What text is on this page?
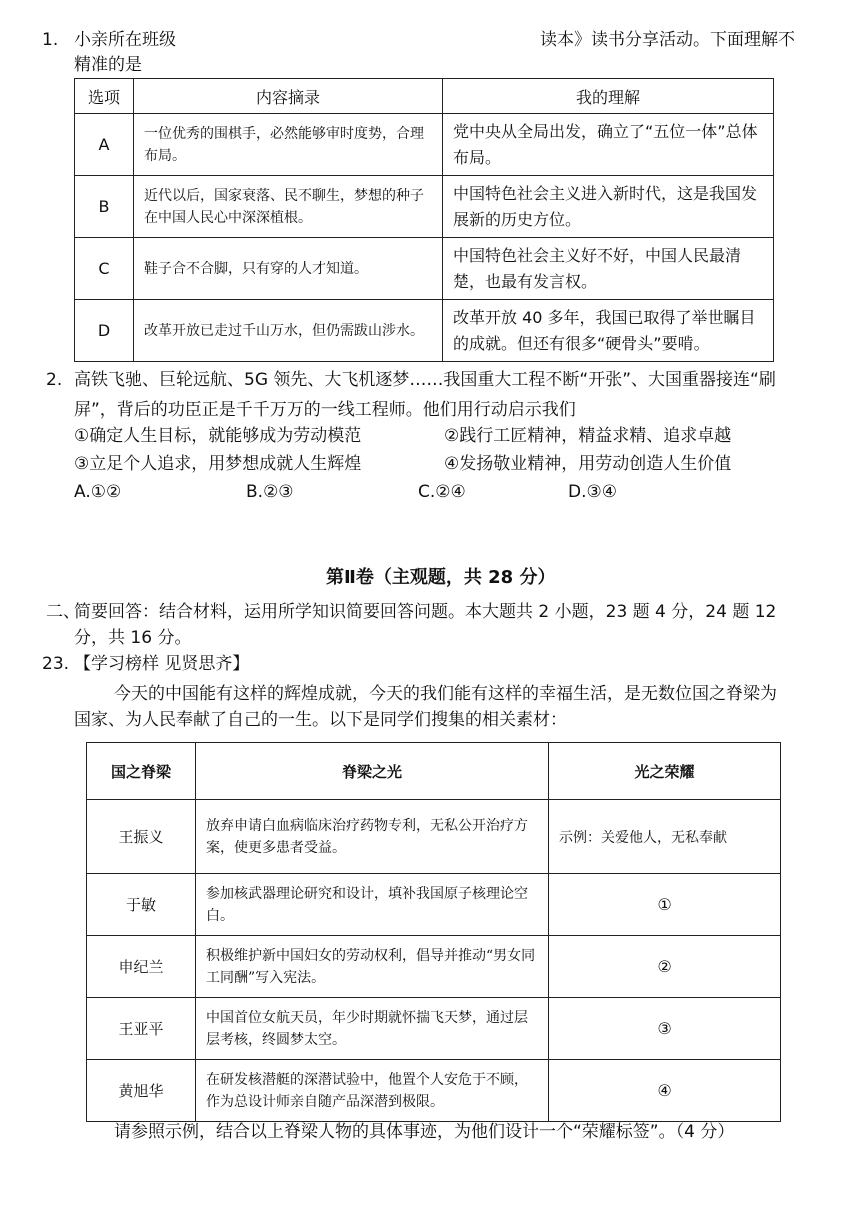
1. 小亲所在班级	读本》读书分享活动。下面理解不
精准的是
选项	内容摘录	我的理解
A	一位优秀的围棋手，必然能够审时度势，合理布局。	党中央从全局出发，确立了“五位一体”总体布局。
B	近代以后，国家衰落、民不聊生，梦想的种子在中国人民心中深深植根。	中国特色社会主义进入新时代，这是我国发展新的历史方位。
C	鞋子合不合脚，只有穿的人才知道。	中国特色社会主义好不好，中国人民最清楚，也最有发言权。
D	改革开放已走过千山万水，但仍需跋山涉水。	改革开放 40 多年，我国已取得了举世瞩目的成就。但还有很多“硬骨头”要啃。
2. 高铁飞驰、巨轮远航、5G 领先、大飞机逐梦……我国重大工程不断“开张”、大国重器接连“刷
屏”，背后的功臣正是千千万万的一线工程师。他们用行动启示我们
①确定人生目标，就能够成为劳动模范	②践行工匠精神，精益求精、追求卓越
③立足个人追求，用梦想成就人生辉煌	④发扬敬业精神，用劳动创造人生价值
A.①②	B.②③	C.②④	D.③④
第Ⅱ卷（主观题，共 28 分）
二、
简要回答：结合材料，运用所学知识简要回答问题。本大题共 2 小题，23 题 4 分，24 题 12
分，共 16 分。
23. 【学习榜样 见贤思齐】
今天的中国能有这样的辉煌成就，今天的我们能有这样的幸福生活，是无数位国之脊梁为
国家、为人民奉献了自己的一生。以下是同学们搜集的相关素材：
国之脊梁	脊梁之光	光之荣耀
王振义	放弃申请白血病临床治疗药物专利，无私公开治疗方案，使更多患者受益。	示例：关爱他人，无私奉献
于敏	参加核武器理论研究和设计，填补我国原子核理论空白。	①
申纪兰	积极维护新中国妇女的劳动权利，倡导并推动“男女同工同酬”写入宪法。	②
王亚平	中国首位女航天员，年少时期就怀揣飞天梦，通过层层考核，终圆梦太空。	③
黄旭华	在研发核潜艇的深潜试验中，他置个人安危于不顾，作为总设计师亲自随产品深潜到极限。	④
请参照示例，结合以上脊梁人物的具体事迹，为他们设计一个“荣耀标签”。（4 分）
